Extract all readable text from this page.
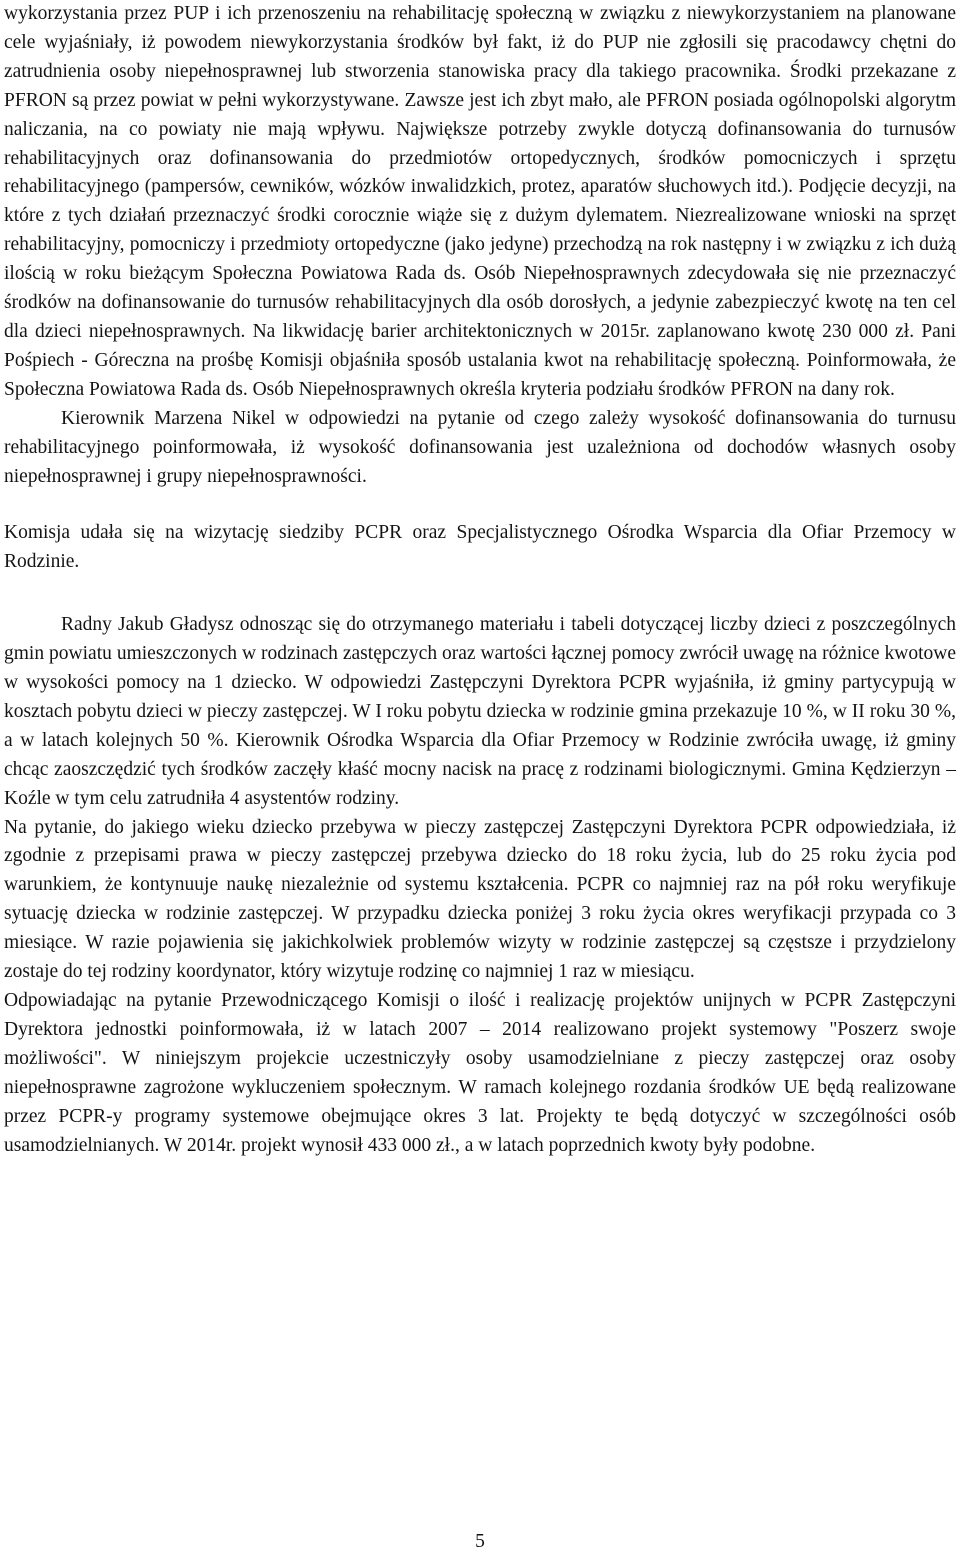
wykorzystania przez PUP i ich przenoszeniu na rehabilitację społeczną w związku z niewykorzystaniem na planowane cele wyjaśniały, iż powodem niewykorzystania środków był fakt, iż do PUP nie zgłosili się pracodawcy chętni do zatrudnienia osoby niepełnosprawnej lub stworzenia stanowiska pracy dla takiego pracownika. Środki przekazane z PFRON są przez powiat w pełni wykorzystywane. Zawsze jest ich zbyt mało, ale PFRON posiada ogólnopolski algorytm naliczania, na co powiaty nie mają wpływu. Największe potrzeby zwykle dotyczą dofinansowania do turnusów rehabilitacyjnych oraz dofinansowania do przedmiotów ortopedycznych, środków pomocniczych i sprzętu rehabilitacyjnego (pampersów, cewników, wózków inwalidzkich, protez, aparatów słuchowych itd.). Podjęcie decyzji, na które z tych działań przeznaczyć środki corocznie wiąże się z dużym dylematem. Niezrealizowane wnioski na sprzęt rehabilitacyjny, pomocniczy i przedmioty ortopedyczne (jako jedyne) przechodzą na rok następny i w związku z ich dużą ilością w roku bieżącym Społeczna Powiatowa Rada ds. Osób Niepełnosprawnych zdecydowała się nie przeznaczyć środków na dofinansowanie do turnusów rehabilitacyjnych dla osób dorosłych, a jedynie zabezpieczyć kwotę na ten cel dla dzieci niepełnosprawnych. Na likwidację barier architektonicznych w 2015r. zaplanowano kwotę 230 000 zł. Pani Pośpiech - Góreczna na prośbę Komisji objaśniła sposób ustalania kwot na rehabilitację społeczną. Poinformowała, że Społeczna Powiatowa Rada ds. Osób Niepełnosprawnych określa kryteria podziału środków PFRON na dany rok.

Kierownik Marzena Nikel w odpowiedzi na pytanie od czego zależy wysokość dofinansowania do turnusu rehabilitacyjnego poinformowała, iż wysokość dofinansowania jest uzależniona od dochodów własnych osoby niepełnosprawnej i grupy niepełnosprawności.

Komisja udała się na wizytację siedziby PCPR oraz Specjalistycznego Ośrodka Wsparcia dla Ofiar Przemocy w Rodzinie.

Radny Jakub Gładysz odnosząc się do otrzymanego materiału i tabeli dotyczącej liczby dzieci z poszczególnych gmin powiatu umieszczonych w rodzinach zastępczych oraz wartości łącznej pomocy zwrócił uwagę na różnice kwotowe w wysokości pomocy na 1 dziecko. W odpowiedzi Zastępczyni Dyrektora PCPR wyjaśniła, iż gminy partycypują w kosztach pobytu dzieci w pieczy zastępczej. W I roku pobytu dziecka w rodzinie gmina przekazuje 10 %, w II roku 30 %, a w latach kolejnych 50 %. Kierownik Ośrodka Wsparcia dla Ofiar Przemocy w Rodzinie zwróciła uwagę, iż gminy chcąc zaoszczędzić tych środków zaczęły kłaść mocny nacisk na pracę z rodzinami biologicznymi. Gmina Kędzierzyn – Koźle w tym celu zatrudniła 4 asystentów rodziny.

Na pytanie, do jakiego wieku dziecko przebywa w pieczy zastępczej Zastępczyni Dyrektora PCPR odpowiedziała, iż zgodnie z przepisami prawa w pieczy zastępczej przebywa dziecko do 18 roku życia, lub do 25 roku życia pod warunkiem, że kontynuuje naukę niezależnie od systemu kształcenia. PCPR co najmniej raz na pół roku weryfikuje sytuację dziecka w rodzinie zastępczej. W przypadku dziecka poniżej 3 roku życia okres weryfikacji przypada co 3 miesiące. W razie pojawienia się jakichkolwiek problemów wizyty w rodzinie zastępczej są częstsze i przydzielony zostaje do tej rodziny koordynator, który wizytuje rodzinę co najmniej 1 raz w miesiącu.

Odpowiadając na pytanie Przewodniczącego Komisji o ilość i realizację projektów unijnych w PCPR Zastępczyni Dyrektora jednostki poinformowała, iż w latach 2007 – 2014 realizowano projekt systemowy "Poszerz swoje możliwości". W niniejszym projekcie uczestniczyły osoby usamodzielniane z pieczy zastępczej oraz osoby niepełnosprawne zagrożone wykluczeniem społecznym. W ramach kolejnego rozdania środków UE będą realizowane przez PCPR-y programy systemowe obejmujące okres 3 lat. Projekty te będą dotyczyć w szczególności osób usamodzielnianych. W 2014r. projekt wynosił 433 000 zł., a w latach poprzednich kwoty były podobne.

5
